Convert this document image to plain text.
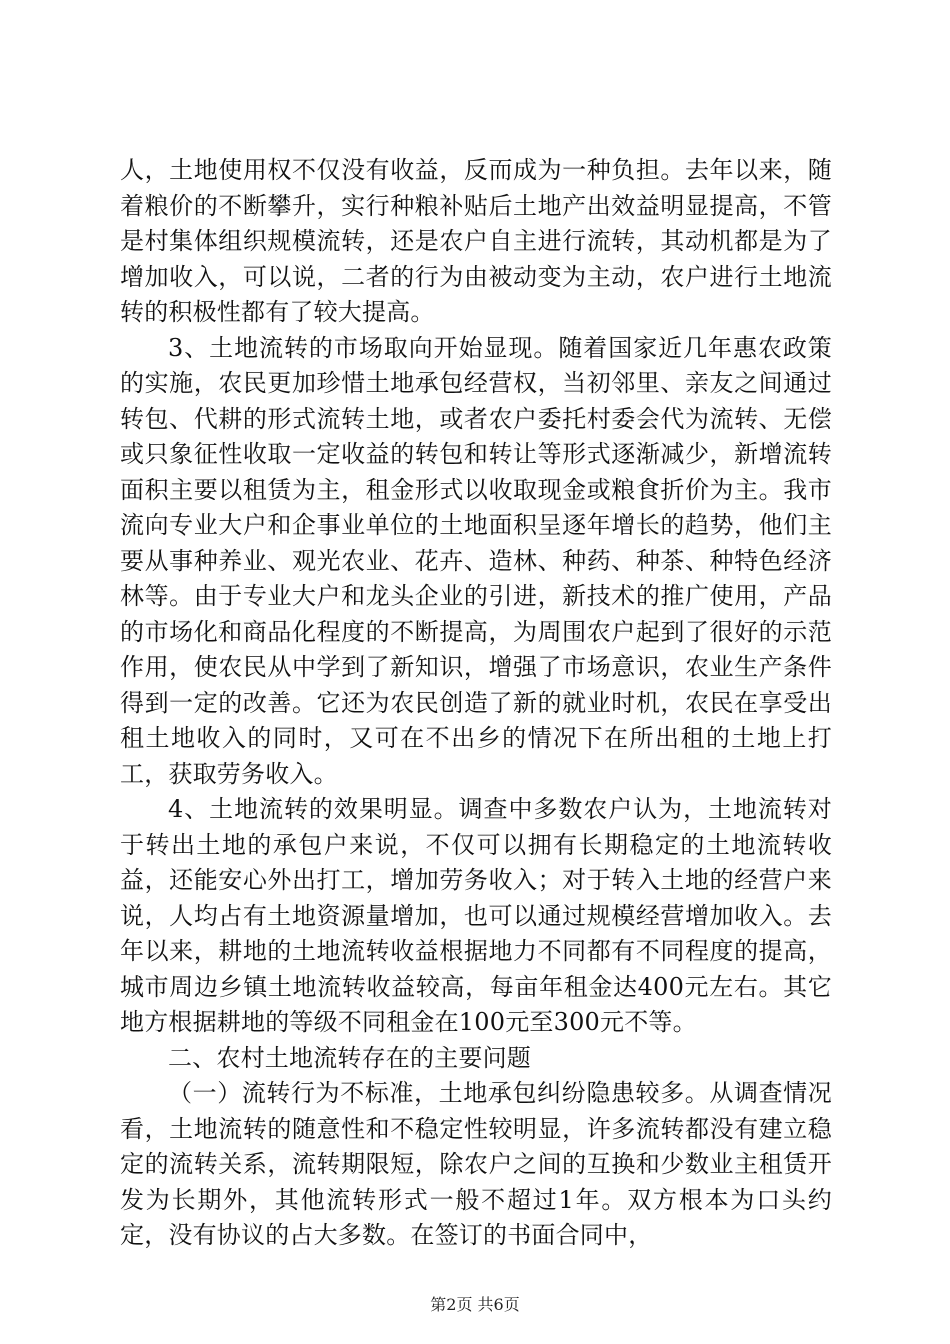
人，土地使用权不仅没有收益，反而成为一种负担。去年以来，随着粮价的不断攀升，实行种粮补贴后土地产出效益明显提高，不管是村集体组织规模流转，还是农户自主进行流转，其动机都是为了增加收入，可以说，二者的行为由被动变为主动，农户进行土地流转的积极性都有了较大提高。

3、土地流转的市场取向开始显现。随着国家近几年惠农政策的实施，农民更加珍惜土地承包经营权，当初邻里、亲友之间通过转包、代耕的形式流转土地，或者农户委托村委会代为流转、无偿或只象征性收取一定收益的转包和转让等形式逐渐减少，新增流转面积主要以租赁为主，租金形式以收取现金或粮食折价为主。我市流向专业大户和企事业单位的土地面积呈逐年增长的趋势，他们主要从事种养业、观光农业、花卉、造林、种药、种茶、种特色经济林等。由于专业大户和龙头企业的引进，新技术的推广使用，产品的市场化和商品化程度的不断提高，为周围农户起到了很好的示范作用，使农民从中学到了新知识，增强了市场意识，农业生产条件得到一定的改善。它还为农民创造了新的就业时机，农民在享受出租土地收入的同时，又可在不出乡的情况下在所出租的土地上打工，获取劳务收入。

4、土地流转的效果明显。调查中多数农户认为，土地流转对于转出土地的承包户来说，不仅可以拥有长期稳定的土地流转收益，还能安心外出打工，增加劳务收入；对于转入土地的经营户来说，人均占有土地资源量增加，也可以通过规模经营增加收入。去年以来，耕地的土地流转收益根据地力不同都有不同程度的提高，城市周边乡镇土地流转收益较高，每亩年租金达400元左右。其它地方根据耕地的等级不同租金在100元至300元不等。

二、农村土地流转存在的主要问题

（一）流转行为不标准，土地承包纠纷隐患较多。从调查情况看，土地流转的随意性和不稳定性较明显，许多流转都没有建立稳定的流转关系，流转期限短，除农户之间的互换和少数业主租赁开发为长期外，其他流转形式一般不超过1年。双方根本为口头约定，没有协议的占大多数。在签订的书面合同中，

第2页 共6页
